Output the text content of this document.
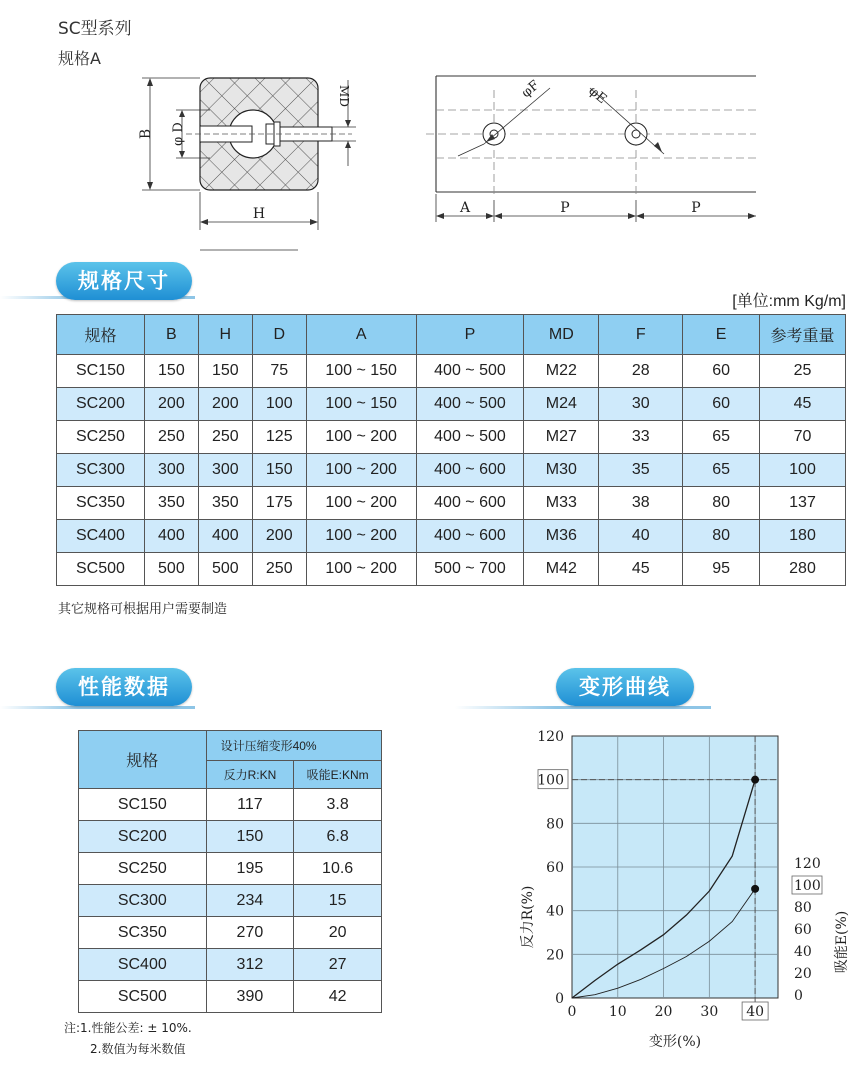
SC型系列
规格A
B φ D
MD
H
φF	φE
A	P	P
规格尺寸
[单位:mm Kg/m]
规格	B	H	D	A	P	MD	F	E	参考重量
SC150	150	150	75	100 ~ 150	400 ~ 500	M22	28	60	25
SC200	200	200	100	100 ~ 150	400 ~ 500	M24	30	60	45
SC250	250	250	125	100 ~ 200	400 ~ 500	M27	33	65	70
SC300	300	300	150	100 ~ 200	400 ~ 600	M30	35	65	100
SC350	350	350	175	100 ~ 200	400 ~ 600	M33	38	80	137
SC400	400	400	200	100 ~ 200	400 ~ 600	M36	40	80	180
SC500	500	500	250	100 ~ 200	500 ~ 700	M42	45	95	280
其它规格可根据用户需要制造
性能数据
规格	设计压缩变形40%	
	反力R:KN	吸能E:KNm
SC150	117	3.8
SC200	150	6.8
SC250	195	10.6
SC300	234	15
SC350	270	20
SC400	312	27
SC500	390	42
注:1.性能公差: ± 10%.
2.数值为每米数值
变形曲线
0
20
40
60
80
100
120
0 10 20 30 40
0
20
40
60
80
100
120
变形(%)
反力R(%)	吸能E(%)
